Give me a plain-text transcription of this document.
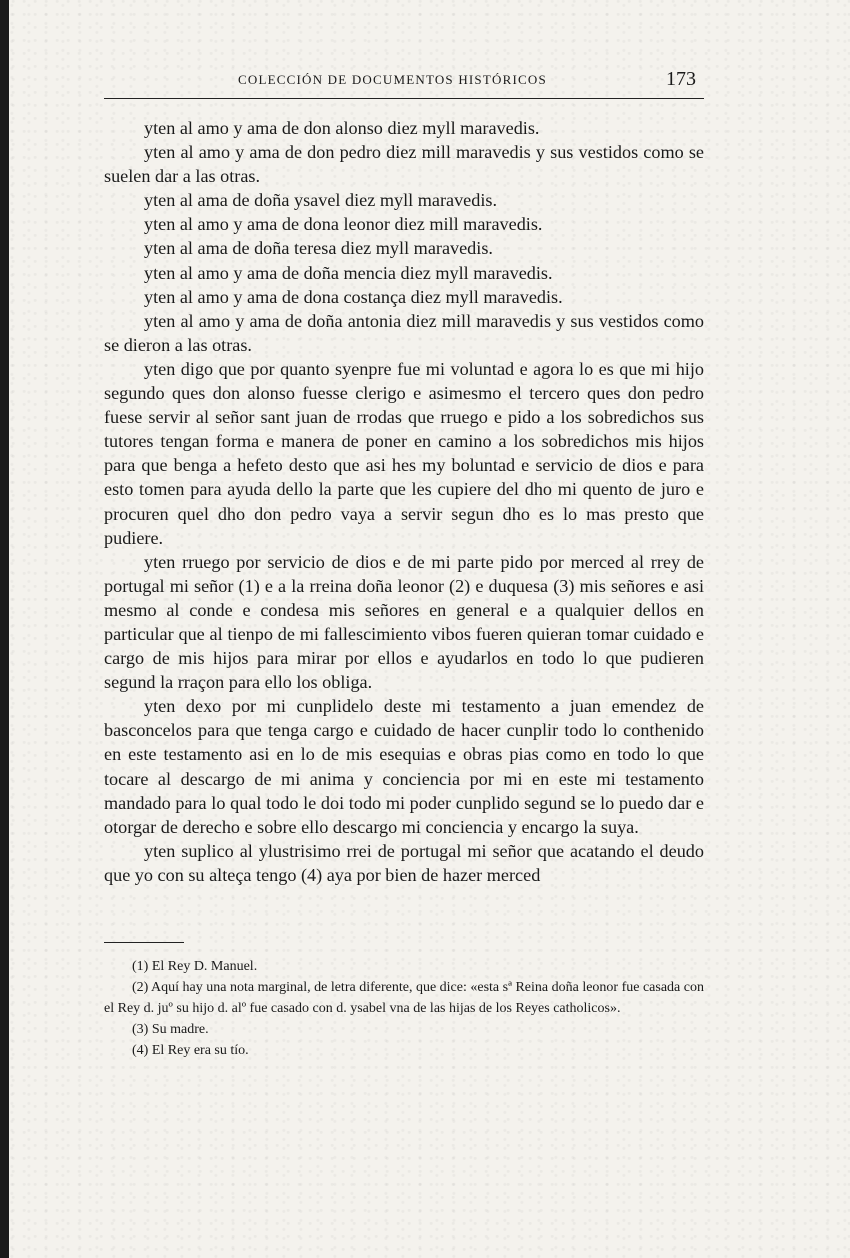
COLECCIÓN DE DOCUMENTOS HISTÓRICOS	173

yten al amo y ama de don alonso diez myll maravedis.

yten al amo y ama de don pedro diez mill maravedis y sus vestidos como se suelen dar a las otras.

yten al ama de doña ysavel diez myll maravedis.

yten al amo y ama de dona leonor diez mill maravedis.

yten al ama de doña teresa diez myll maravedis.

yten al amo y ama de doña mencia diez myll maravedis.

yten al amo y ama de dona costança diez myll maravedis.

yten al amo y ama de doña antonia diez mill maravedis y sus vestidos como se dieron a las otras.

yten digo que por quanto syenpre fue mi voluntad e agora lo es que mi hijo segundo ques don alonso fuesse clerigo e asimesmo el tercero ques don pedro fuese servir al señor sant juan de rrodas que rruego e pido a los sobredichos sus tutores tengan forma e manera de poner en camino a los sobredichos mis hijos para que benga a hefeto desto que asi hes my boluntad e servicio de dios e para esto tomen para ayuda dello la parte que les cupiere del dho mi quento de juro e procuren quel dho don pedro vaya a servir segun dho es lo mas presto que pudiere.

yten rruego por servicio de dios e de mi parte pido por merced al rrey de portugal mi señor (1) e a la rreina doña leonor (2) e duquesa (3) mis señores e asi mesmo al conde e condesa mis señores en general e a qualquier dellos en particular que al tienpo de mi fallescimiento vibos fueren quieran tomar cuidado e cargo de mis hijos para mirar por ellos e ayudarlos en todo lo que pudieren segund la rraçon para ello los obliga.

yten dexo por mi cunplidelo deste mi testamento a juan emendez de basconcelos para que tenga cargo e cuidado de hacer cunplir todo lo conthenido en este testamento asi en lo de mis esequias e obras pias como en todo lo que tocare al descargo de mi anima y conciencia por mi en este mi testamento mandado para lo qual todo le doi todo mi poder cunplido segund se lo puedo dar e otorgar de derecho e sobre ello descargo mi conciencia y encargo la suya.

yten suplico al ylustrisimo rrei de portugal mi señor que acatando el deudo que yo con su alteça tengo (4) aya por bien de hazer merced

(1) El Rey D. Manuel.

(2) Aquí hay una nota marginal, de letra diferente, que dice: «esta sª Reina doña leonor fue casada con el Rey d. juº su hijo d. alº fue casado con d. ysabel vna de las hijas de los Reyes catholicos».

(3) Su madre.

(4) El Rey era su tío.
